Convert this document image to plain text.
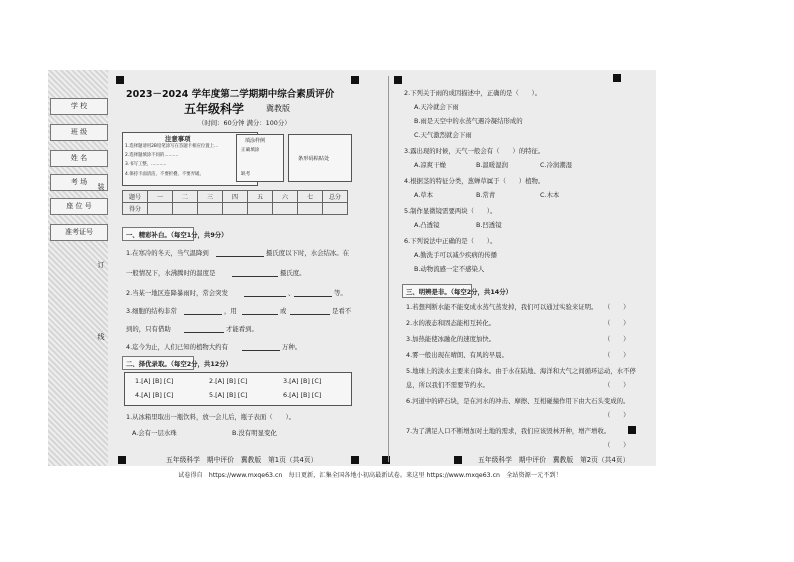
学 校
班 级
姓 名
考 场
座 位 号
准考证号
装
订
线
2023－2024 学年度第二学期期中综合素质评价
五年级科学	冀教版
（时间：60分钟 满分：100分）
注意事项
1.选择题请用2B铅笔涂写在答题卡相应位置上...
2.选择题填涂不同的..........
3.书写工整，...........
4.保持卡面清洁，不要折叠、不要弄破。
填涂样例
正确填涂
缺考
条形码粘贴处
题号	一	二	三	四	五	六	七	总分
得分								
一、精彩补白。（每空1分，共9分）
1.在寒冷的冬天，当气温降到	摄氏度以下时，水会结冰。在
一般情况下，水沸腾时的温度是	摄氏度。
2.当某一地区连降暴雨时，常会突发	、	等。
3.细胞的结构非常	，用	或	是看不
到的，只有借助	才能看到。
4.迄今为止，人们已知的植物大约有	万种。
二、择优录取。（每空2分，共12分）
1.[A] [B] [C]	2.[A] [B] [C]	3.[A] [B] [C]
4.[A] [B] [C]	5.[A] [B] [C]	6.[A] [B] [C]
1.从冰箱里取出一瓶饮料，放一会儿后，瓶子表面（　　）。
A.会有一层水珠	B.没有明显变化
五年级科学　期中评价　冀教版　第1页（共4页）
2.下列关于雨的成因描述中，正确的是（　　）。
A.天冷就会下雨
B.雨是天空中的水蒸气遇冷凝结形成的
C.天气激烈就会下雨
3.露出现的时候，天气一般会有（　　）的特征。
A.凉爽干燥	B.温暖湿润	C.冷润潮湿
4.根据茎的特征分类，葱蝉草属于（　　）植物。
A.草本	B.常青	C.木本
5.制作显微镜需要两块（　　）。
A.凸透镜	B.凹透镜
6.下列说法中正确的是（　　）。
A.勤洗手可以减少疾病的传播
B.动物流感一定不感染人
三、明辨是非。（每空2分，共14分）
1.若想判断水能不能变成水蒸气蒸发掉，我们可以通过实验来证明。 （　　）
2.水的液态和固态能相互转化。	（　　）
3.加热能使冰融化的速度加快。	（　　）
4.雾一般出现在晴朗、有风的早晨。	（　　）
5.地球上的淡水主要来自降水。由于水在陆地、海洋和大气之间循环运动，水不停
息，所以我们不需要节约水。	（　　）
6.河道中的碎石块，是在河水的冲击、摩擦、互相碰撞作用下由大石头变成的。
（　　）
7.为了满足人口不断增加对土地的需求，我们应该毁林开种，增产增收。
（　　）
五年级科学　期中评价　冀教版　第2页（共4页）
试卷得自　https://www.mxqe63.cn　每日更新，汇集全国各地小初高最新试卷。来这里 https://www.mxqe63.cn　全站资源一元不到！
